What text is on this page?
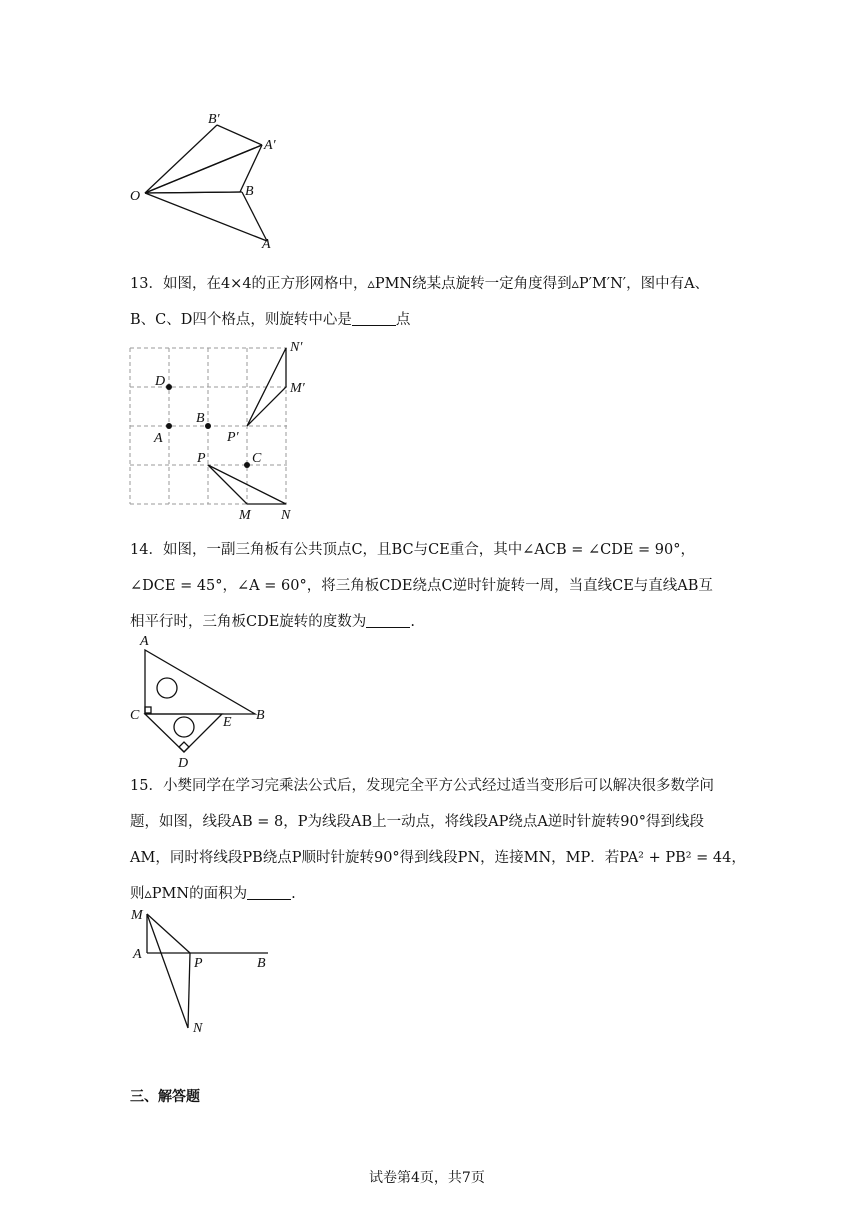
B′
A′
O	B
A
13．如图，在4×4的正方形网格中，▵PMN绕某点旋转一定角度得到▵P′M′N′，图中有A、
B、C、D四个格点，则旋转中心是	点
N′
M′
D
B
A	P′
P	C
M N
14．如图，一副三角板有公共顶点C，且BC与CE重合，其中∠ACB = ∠CDE = 90°，
∠DCE = 45°，∠A = 60°，将三角板CDE绕点C逆时针旋转一周，当直线CE与直线AB互
相平行时，三角板CDE旋转的度数为	.
A
C	E B
D
15．小樊同学在学习完乘法公式后，发现完全平方公式经过适当变形后可以解决很多数学问
题，如图，线段AB = 8，P为线段AB上一动点，将线段AP绕点A逆时针旋转90°得到线段
AM，同时将线段PB绕点P顺时针旋转90°得到线段PN，连接MN，MP．若PA² + PB² = 44，
则▵PMN的面积为	.
M
A
P	B
N
三、解答题
试卷第4页，共7页
